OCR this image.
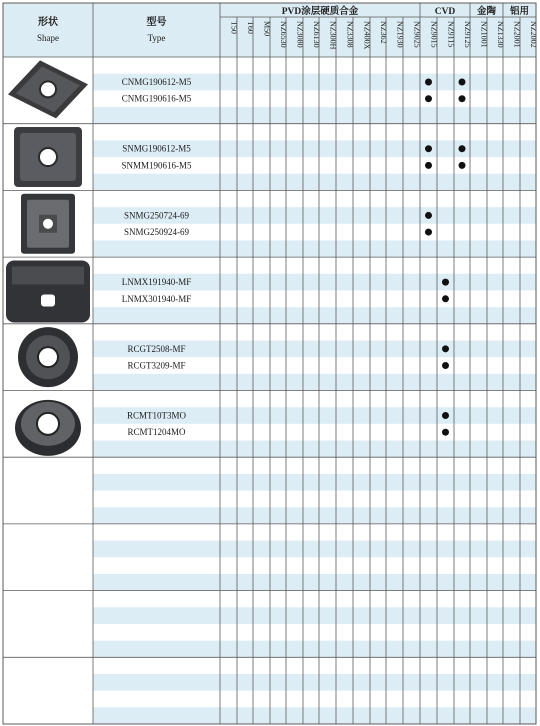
形状
Shape
型号
Type
PVD涂层硬质合金	CVD 金陶 铝用
T50 T60 M50 NZ6530 NZ3080 NZ6130 NZ300H NZ3308 NZ400X NZ362 NZ1930 NZ9025 NZ9015 NZ9115 NZ9125 NZ1001 NZ1330 NZ2001 NZ2002
CNMG190612-M5
CNMG190616-M5
SNMG190612-M5
SNMM190616-M5
SNMG250724-69
SNMG250924-69
LNMX191940-MF
LNMX301940-MF
RCGT2508-MF
RCGT3209-MF
RCMT10T3MO
RCMT1204MO
